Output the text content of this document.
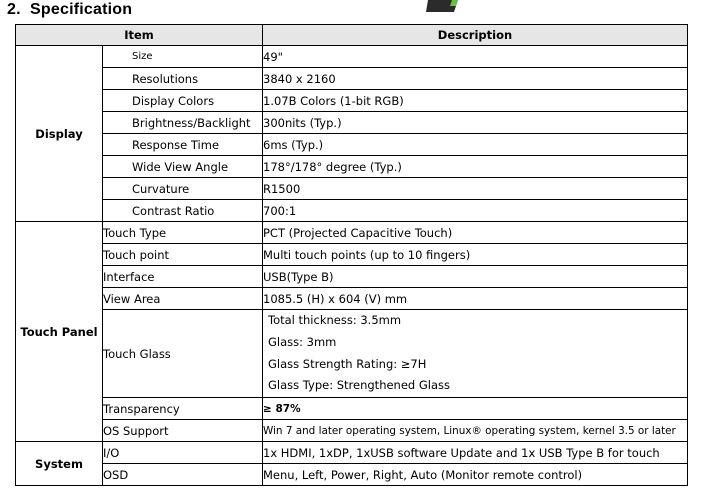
2. Specification
Item		Description
Display	Size	49"
	Resolutions	3840 x 2160
	Display Colors	1.07B Colors (1-bit RGB)
	Brightness/Backlight	300nits (Typ.)
	Response Time	6ms (Typ.)
	Wide View Angle	178°/178° degree (Typ.)
	Curvature	R1500
	Contrast Ratio	700:1
Touch Panel	Touch Type	PCT (Projected Capacitive Touch)
	Touch point	Multi touch points (up to 10 fingers)
	Interface	USB(Type B)
	View Area	1085.5 (H) x 604 (V) mm
	Touch Glass	Total thickness: 3.5mm
Glass: 3mm
Glass Strength Rating: ≥7H
Glass Type: Strengthened Glass

	Transparency	≥ 87%
	OS Support	Win 7 and later operating system, Linux® operating system, kernel 3.5 or later
System	I/O	1x HDMI, 1xDP, 1xUSB software Update and 1x USB Type B for touch
	OSD	Menu, Left, Power, Right, Auto (Monitor remote control)
